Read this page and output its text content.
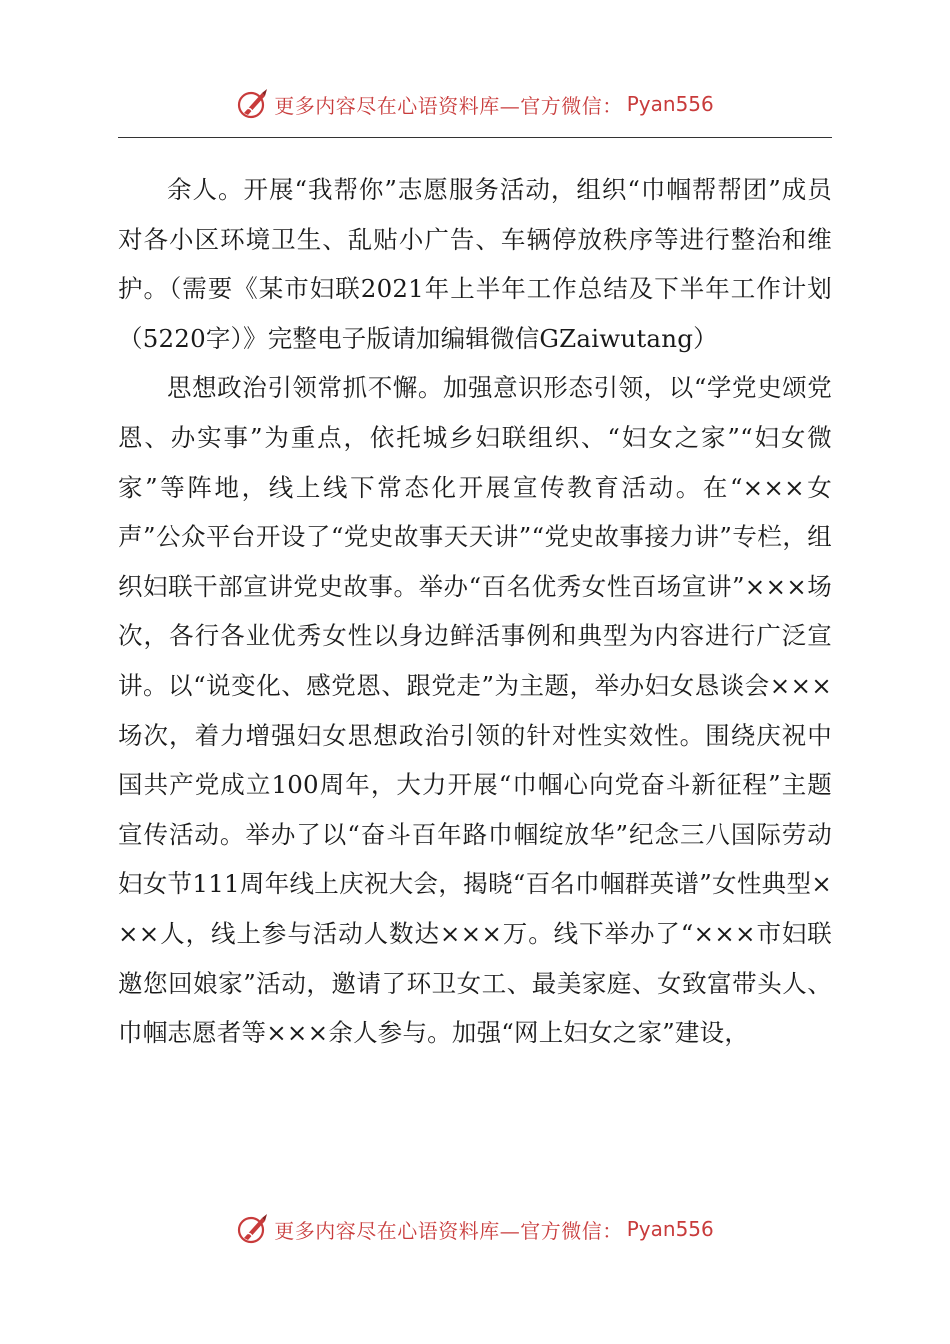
更多内容尽在心语资料库—官方微信： Pyan556

余人。开展“我帮你”志愿服务活动，组织“巾帼帮帮团”成员对各小区环境卫生、乱贴小广告、车辆停放秩序等进行整治和维护。（需要《某市妇联2021年上半年工作总结及下半年工作计划（5220字）》完整电子版请加编辑微信GZaiwutang）

思想政治引领常抓不懈。加强意识形态引领，以“学党史颂党恩、办实事”为重点，依托城乡妇联组织、“妇女之家”“妇女微家”等阵地，线上线下常态化开展宣传教育活动。在“×××女声”公众平台开设了“党史故事天天讲”“党史故事接力讲”专栏，组织妇联干部宣讲党史故事。举办“百名优秀女性百场宣讲”×××场次，各行各业优秀女性以身边鲜活事例和典型为内容进行广泛宣讲。以“说变化、感党恩、跟党走”为主题，举办妇女恳谈会×××场次，着力增强妇女思想政治引领的针对性实效性。围绕庆祝中国共产党成立100周年，大力开展“巾帼心向党奋斗新征程”主题宣传活动。举办了以“奋斗百年路巾帼绽放华”纪念三八国际劳动妇女节111周年线上庆祝大会，揭晓“百名巾帼群英谱”女性典型×××人，线上参与活动人数达×××万。线下举办了“×××市妇联邀您回娘家”活动，邀请了环卫女工、最美家庭、女致富带头人、巾帼志愿者等×××余人参与。加强“网上妇女之家”建设，

更多内容尽在心语资料库—官方微信： Pyan556
